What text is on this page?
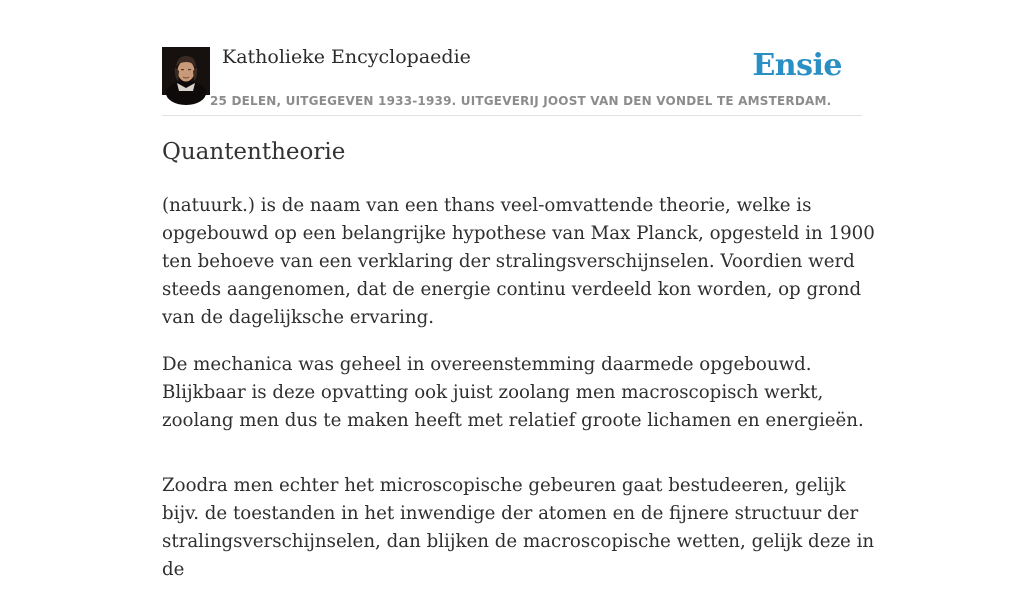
Katholieke Encyclopaedie	Ensie
25 DELEN, UITGEGEVEN 1933-1939. UITGEVERIJ JOOST VAN DEN VONDEL TE AMSTERDAM.
Quantentheorie

(natuurk.) is de naam van een thans veel-omvattende theorie, welke is opgebouwd op een belangrijke hypothese van Max Planck, opgesteld in 1900 ten behoeve van een verklaring der stralingsverschijnselen. Voordien werd steeds aangenomen, dat de energie continu verdeeld kon worden, op grond van de dagelijksche ervaring.

De mechanica was geheel in overeenstemming daarmede opgebouwd. Blijkbaar is deze opvatting ook juist zoolang men macroscopisch werkt, zoolang men dus te maken heeft met relatief groote lichamen en energieën.

Zoodra men echter het microscopische gebeuren gaat bestudeeren, gelijk bijv. de toestanden in het inwendige der atomen en de fijnere structuur der stralingsverschijnselen, dan blijken de macroscopische wetten, gelijk deze in de
